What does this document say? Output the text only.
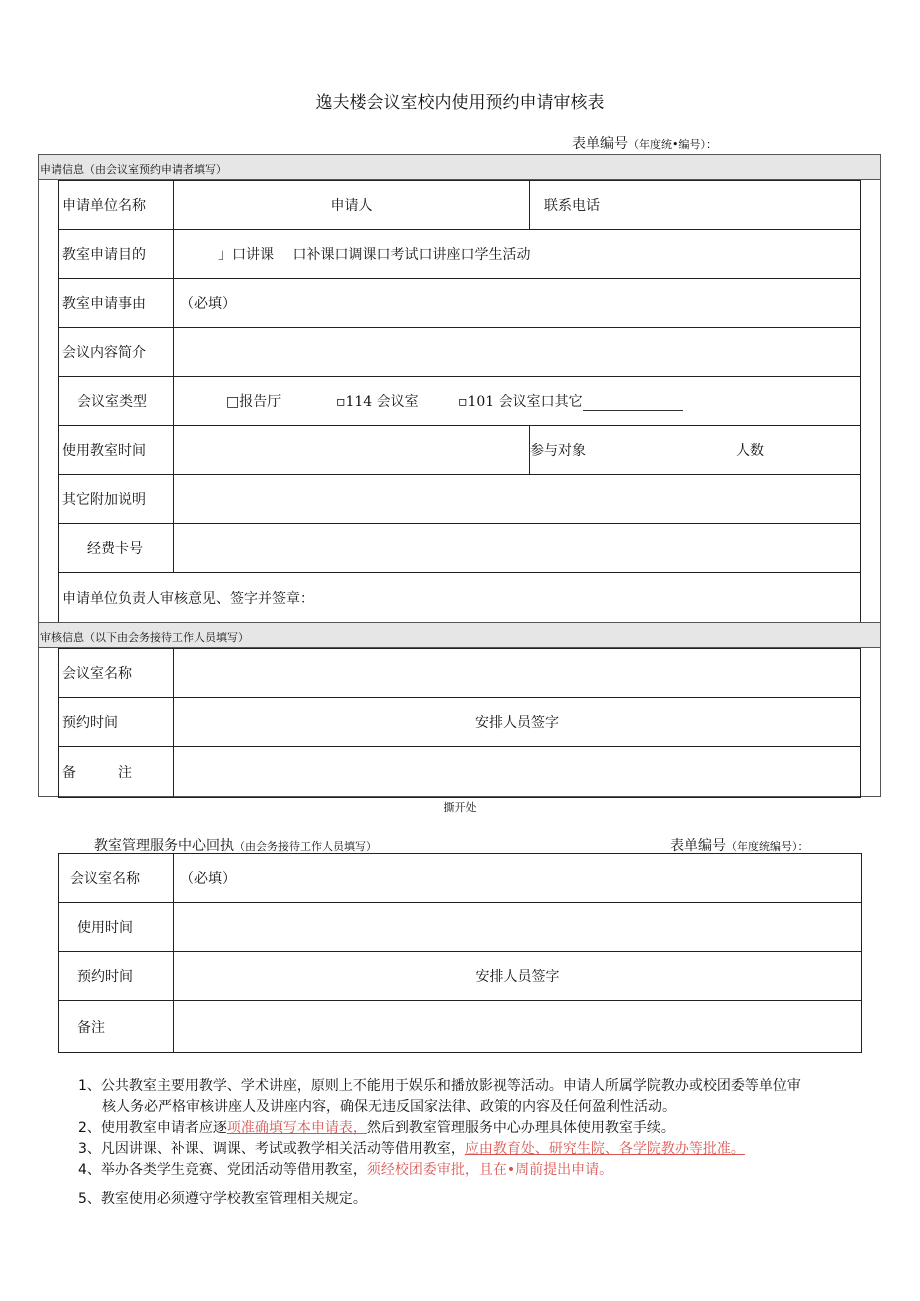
逸夫楼会议室校内使用预约申请审核表
表单编号（年度统•编号）：
申请信息（由会议室预约申请者填写）
申请单位名称	申请人	联系电话
教室申请目的	」口讲课　 口补课口调课口考试口讲座口学生活动	
教室申请事由	（必填）	
会议内容简介		
会议室类型	□报告厅 ▫114 会议室 ▫101 会议室口其它	
使用教室时间		参与对象 人数
其它附加说明		
经费卡号		
申请单位负责人审核意见、签字并签章：		
审核信息（以下由会务接待工作人员填写）
会议室名称	
预约时间	安排人员签字
备　　　注	
撕开处
教室管理服务中心回执（由会务接待工作人员填写）	表单编号（年度统编号）：
会议室名称	（必填）
使用时间	
预约时间	安排人员签字
备注	
1、公共教室主要用教学、学术讲座，原则上不能用于娱乐和播放影视等活动。申请人所属学院教办或校团委等单位审
核人务必严格审核讲座人及讲座内容，确保无违反国家法律、政策的内容及任何盈利性活动。
2、使用教室申请者应逐项准确填写本申请表，然后到教室管理服务中心办理具体使用教室手续。
3、凡因讲课、补课、调课、考试或教学相关活动等借用教室，应由教育处、研究生院、各学院教办等批准。
4、举办各类学生竞赛、党团活动等借用教室，须经校团委审批，且在•周前提出申请。
5、教室使用必须遵守学校教室管理相关规定。
